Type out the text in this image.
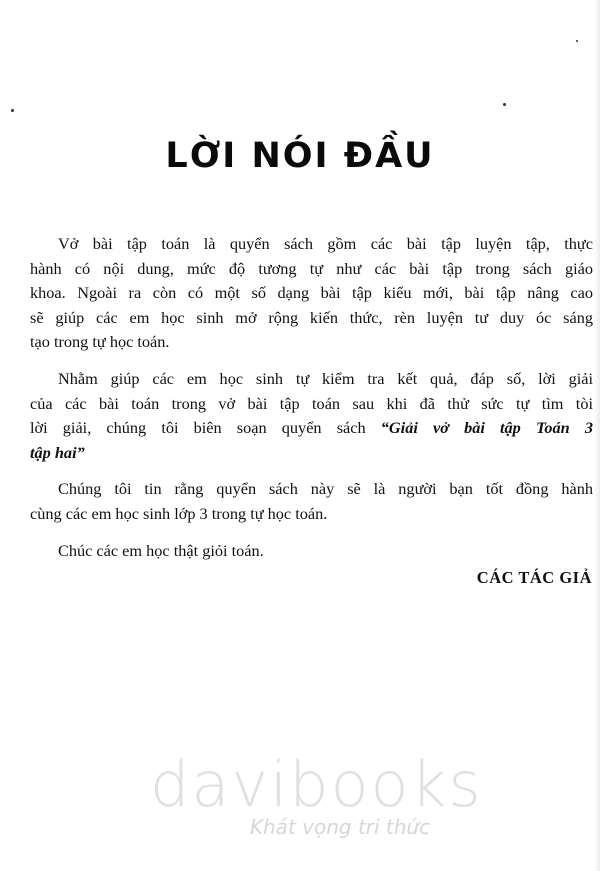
LỜI NÓI ĐẦU

Vở bài tập toán là quyển sách gồm các bài tập luyện tập, thực
hành có nội dung, mức độ tương tự như các bài tập trong sách giáo
khoa. Ngoài ra còn có một số dạng bài tập kiểu mới, bài tập nâng cao
sẽ giúp các em học sinh mở rộng kiến thức, rèn luyện tư duy óc sáng
tạo trong tự học toán.

Nhằm giúp các em học sinh tự kiểm tra kết quả, đáp số, lời giải
của các bài toán trong vở bài tập toán sau khi đã thử sức tự tìm tòi
lời giải, chúng tôi biên soạn quyển sách “Giải vở bài tập Toán 3
tập hai”

Chúng tôi tin rằng quyển sách này sẽ là người bạn tốt đồng hành
cùng các em học sinh lớp 3 trong tự học toán.

Chúc các em học thật giỏi toán.

CÁC TÁC GIẢ
davibooks
Khát vọng tri thức
